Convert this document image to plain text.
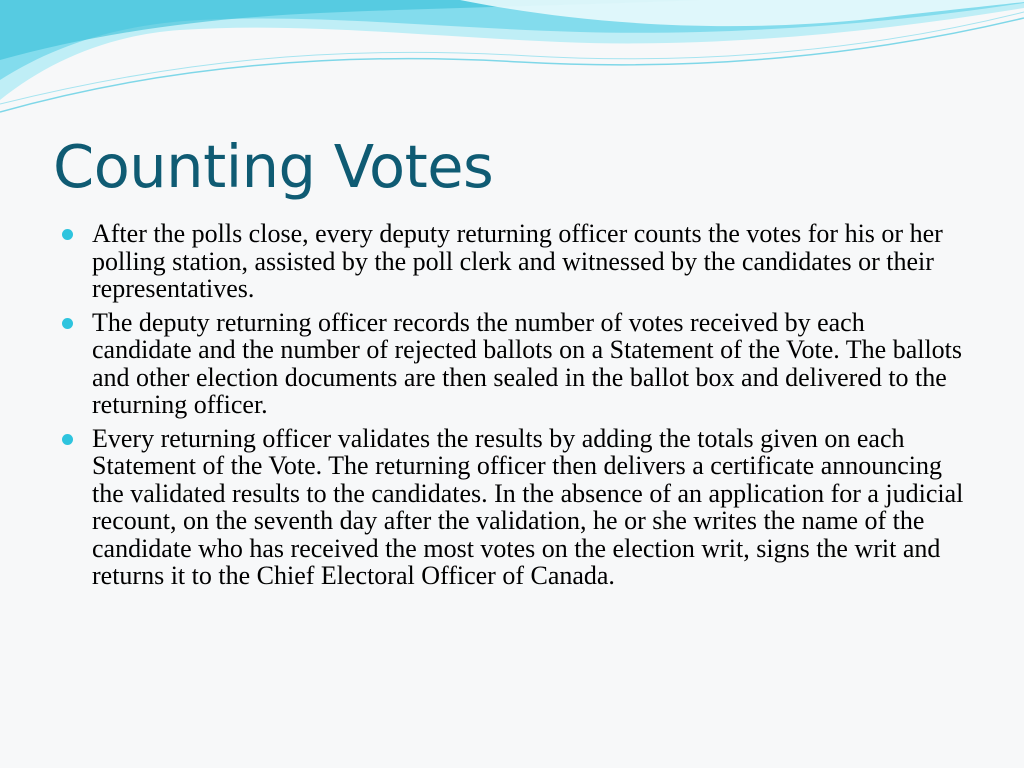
Counting Votes
After the polls close, every deputy returning officer counts the votes for his or her polling station, assisted by the poll clerk and witnessed by the candidates or their representatives.
The deputy returning officer records the number of votes received by each candidate and the number of rejected ballots on a Statement of the Vote. The ballots and other election documents are then sealed in the ballot box and delivered to the returning officer.
Every returning officer validates the results by adding the totals given on each Statement of the Vote. The returning officer then delivers a certificate announcing the validated results to the candidates. In the absence of an application for a judicial recount, on the seventh day after the validation, he or she writes the name of the candidate who has received the most votes on the election writ, signs the writ and returns it to the Chief Electoral Officer of Canada.
